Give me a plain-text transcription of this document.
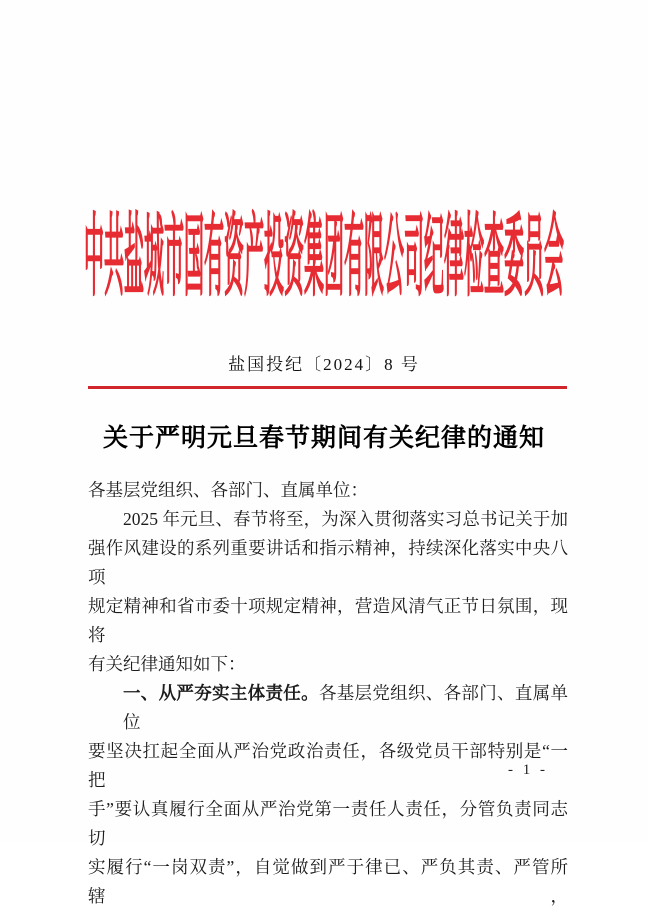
中共盐城市国有资产投资集团有限公司纪律检查委员会
盐国投纪〔2024〕8 号
关于严明元旦春节期间有关纪律的通知
各基层党组织、各部门、直属单位：
2025 年元旦、春节将至，为深入贯彻落实习总书记关于加
强作风建设的系列重要讲话和指示精神，持续深化落实中央八项
规定精神和省市委十项规定精神，营造风清气正节日氛围，现将
有关纪律通知如下：
一、从严夯实主体责任。各基层党组织、各部门、直属单位
要坚决扛起全面从严治党政治责任，各级党员干部特别是“一把
手”要认真履行全面从严治党第一责任人责任，分管负责同志切
实履行“一岗双责”，自觉做到严于律已、严负其责、严管所辖，
- 1 -
